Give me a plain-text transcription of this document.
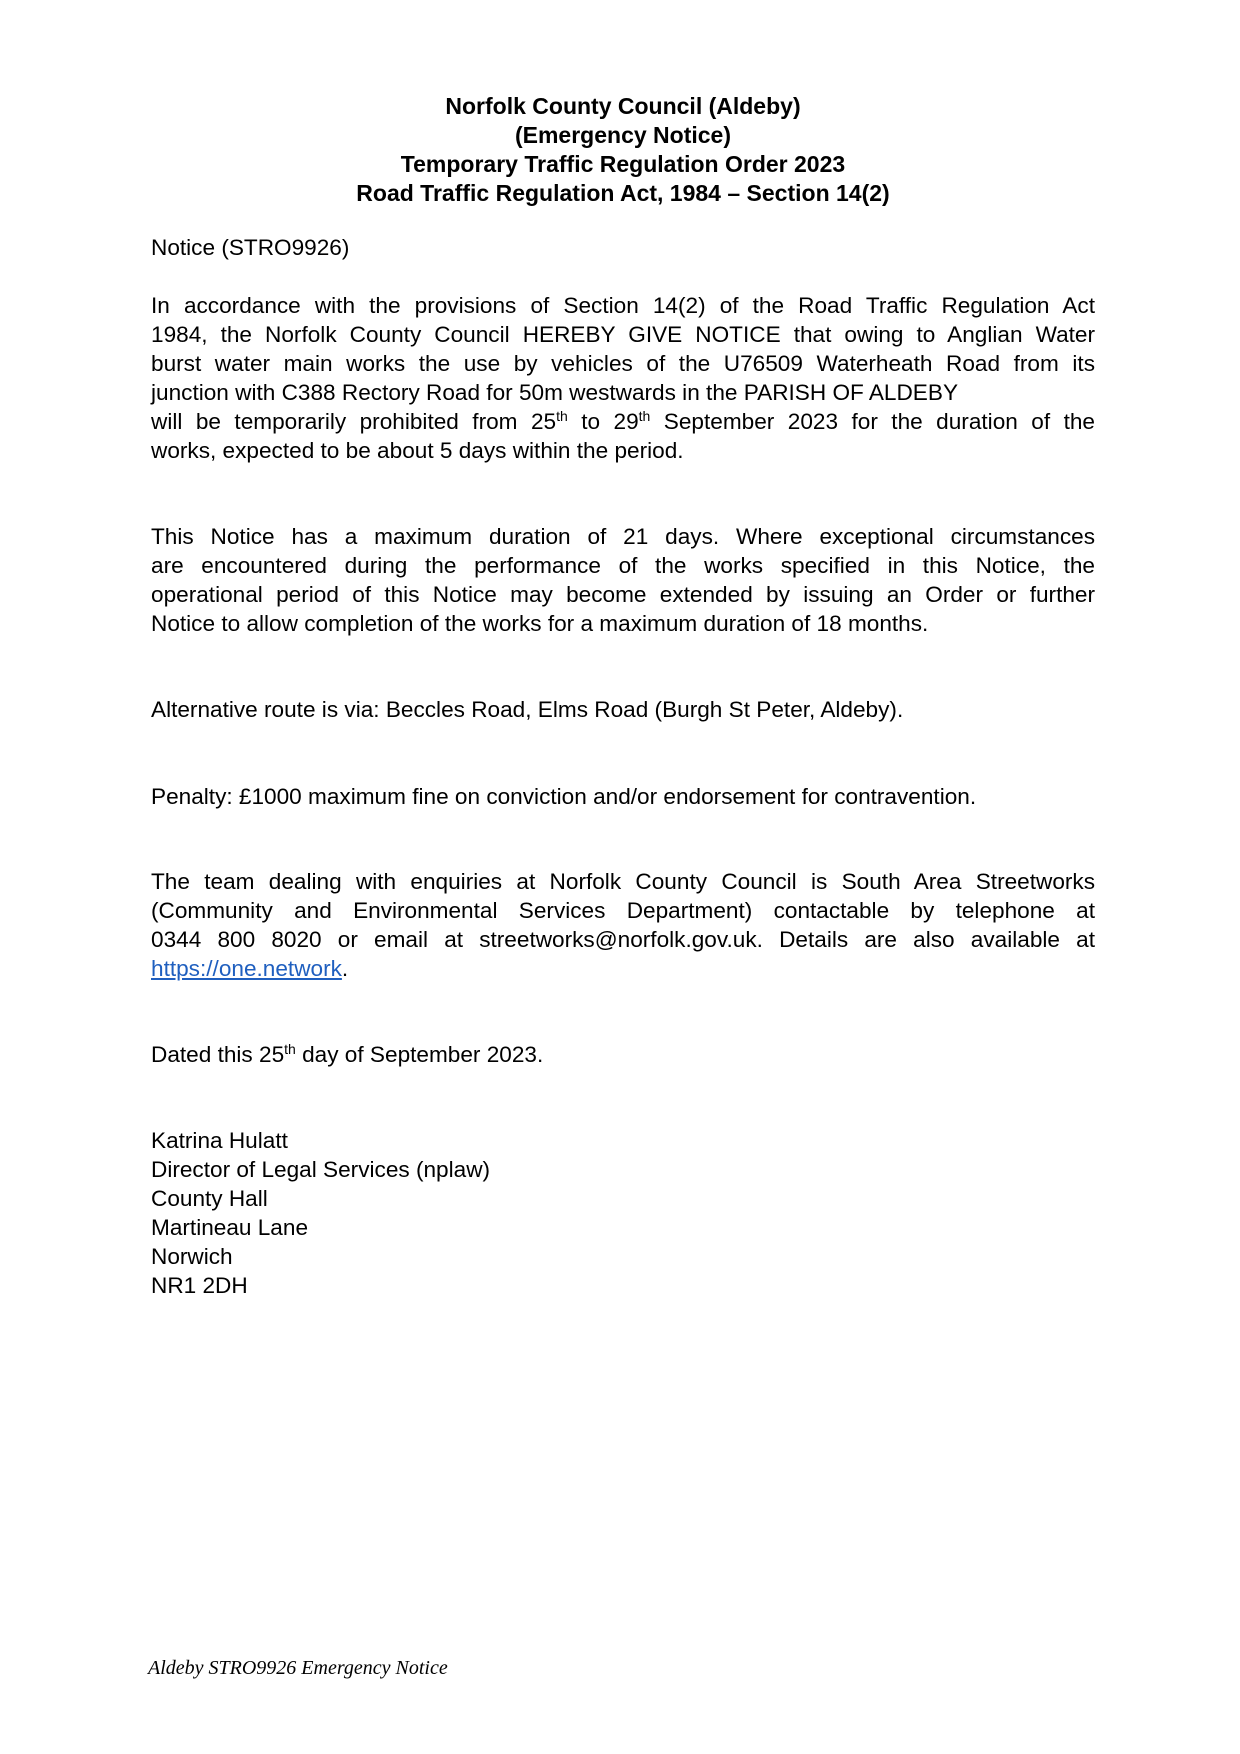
Norfolk County Council (Aldeby)
(Emergency Notice)
Temporary Traffic Regulation Order 2023
Road Traffic Regulation Act, 1984 – Section 14(2)

Notice (STRO9926)

In accordance with the provisions of Section 14(2) of the Road Traffic Regulation Act
1984, the Norfolk County Council HEREBY GIVE NOTICE that owing to Anglian Water
burst water main works the use by vehicles of the U76509 Waterheath Road from its
junction with C388 Rectory Road for 50m westwards in the PARISH OF ALDEBY
will be temporarily prohibited from 25th to 29th September 2023 for the duration of the
works, expected to be about 5 days within the period.
This Notice has a maximum duration of 21 days. Where exceptional circumstances
are encountered during the performance of the works specified in this Notice, the
operational period of this Notice may become extended by issuing an Order or further
Notice to allow completion of the works for a maximum duration of 18 months.

Alternative route is via: Beccles Road, Elms Road (Burgh St Peter, Aldeby).

Penalty: £1000 maximum fine on conviction and/or endorsement for contravention.

The team dealing with enquiries at Norfolk County Council is South Area Streetworks
(Community and Environmental Services Department) contactable by telephone at
0344 800 8020 or email at streetworks@norfolk.gov.uk. Details are also available at
https://one.network.

Dated this 25th day of September 2023.

Katrina Hulatt
Director of Legal Services (nplaw)
County Hall
Martineau Lane
Norwich
NR1 2DH
Aldeby STRO9926 Emergency Notice
